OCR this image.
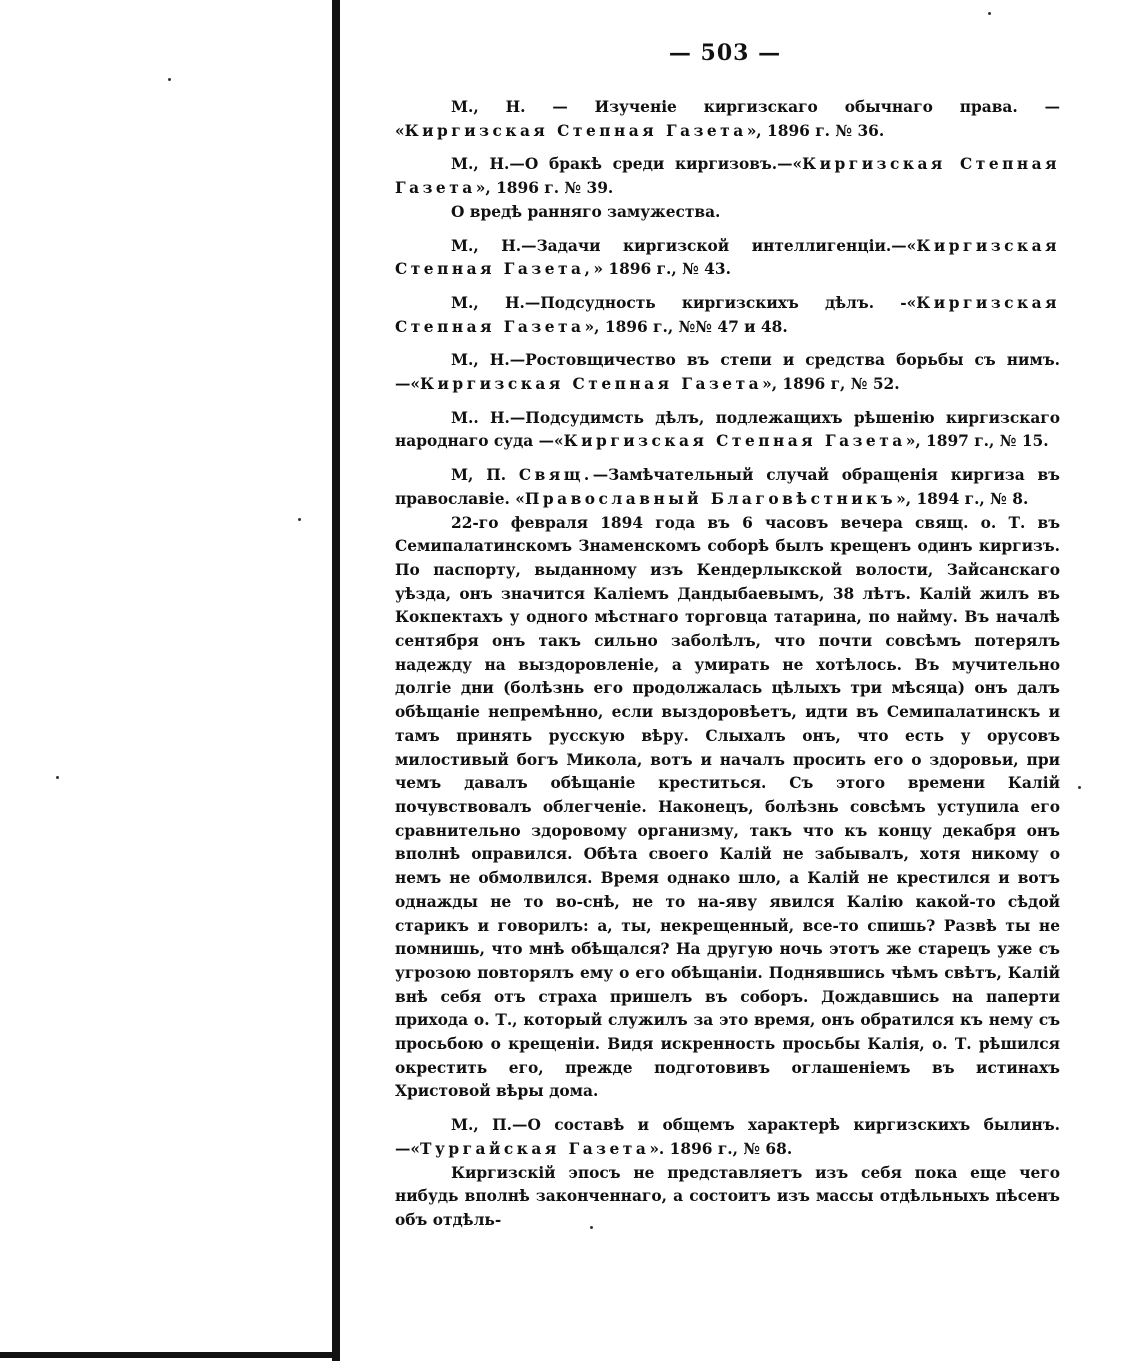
— 503 —

М., Н. — Изученіе киргизскаго обычнаго права. — «Киргизская Степная Газета», 1896 г. № 36.

М., Н.—О бракѣ среди киргизовъ.—«Киргизская Степная Газета», 1896 г. № 39.

О вредѣ ранняго замужества.

М., Н.—Задачи киргизской интеллигенціи.—«Киргизская Степная Газета,» 1896 г., № 43.

М., Н.—Подсудность киргизскихъ дѣлъ. -«Киргизская Степная Газета», 1896 г., №№ 47 и 48.

М., Н.—Ростовщичество въ степи и средства борьбы съ нимъ.—«Киргизская Степная Газета», 1896 г, № 52.

М.. Н.—Подсудимсть дѣлъ, подлежащихъ рѣшенію киргизскаго народнаго суда —«Киргизская Степная Газета», 1897 г., № 15.

М, П. Свящ.—Замѣчательный случай обращенія киргиза въ православіе. «Православный Благовѣстникъ», 1894 г., № 8.

22-го февраля 1894 года въ 6 часовъ вечера свящ. о. Т. въ Семипалатинскомъ Знаменскомъ соборѣ былъ крещенъ одинъ киргизъ. По паспорту, выданному изъ Кендерлыкской волости, Зайсанскаго уѣзда, онъ значится Каліемъ Дандыбаевымъ, 38 лѣтъ. Калій жилъ въ Кокпектахъ у одного мѣстнаго торговца татарина, по найму. Въ началѣ сентября онъ такъ сильно заболѣлъ, что почти совсѣмъ потерялъ надежду на выздоровленіе, а умирать не хотѣлось. Въ мучительно долгіе дни (болѣзнь его продолжалась цѣлыхъ три мѣсяца) онъ далъ обѣщаніе непремѣнно, если выздоровѣетъ, идти въ Семипалатинскъ и тамъ принять русскую вѣру. Слыхалъ онъ, что есть у орусовъ милостивый богъ Микола, вотъ и началъ просить его о здоровьи, при чемъ давалъ обѣщаніе креститься. Съ этого времени Калій почувствовалъ облегченіе. Наконецъ, болѣзнь совсѣмъ уступила его сравнительно здоровому организму, такъ что къ концу декабря онъ вполнѣ оправился. Обѣта своего Калій не забывалъ, хотя никому о немъ не обмолвился. Время однако шло, а Калій не крестился и вотъ однажды не то во-снѣ, не то на-яву явился Калію какой-то сѣдой старикъ и говорилъ: а, ты, некрещенный, все-то спишь? Развѣ ты не помнишь, что мнѣ обѣщался? На другую ночь этотъ же старецъ уже съ угрозою повторялъ ему о его обѣщаніи. Поднявшись чѣмъ свѣтъ, Калій внѣ себя отъ страха пришелъ въ соборъ. Дождавшись на паперти прихода о. Т., который служилъ за это время, онъ обратился къ нему съ просьбою о крещеніи. Видя искренность просьбы Калія, о. Т. рѣшился окрестить его, прежде подготовивъ оглашеніемъ въ истинахъ Христовой вѣры дома.

М., П.—О составѣ и общемъ характерѣ киргизскихъ былинъ.—«Тургайская Газета». 1896 г., № 68.

Киргизскій эпосъ не представляетъ изъ себя пока еще чего нибудь вполнѣ законченнаго, а состоитъ изъ массы отдѣльныхъ пѣсенъ объ отдѣль-
